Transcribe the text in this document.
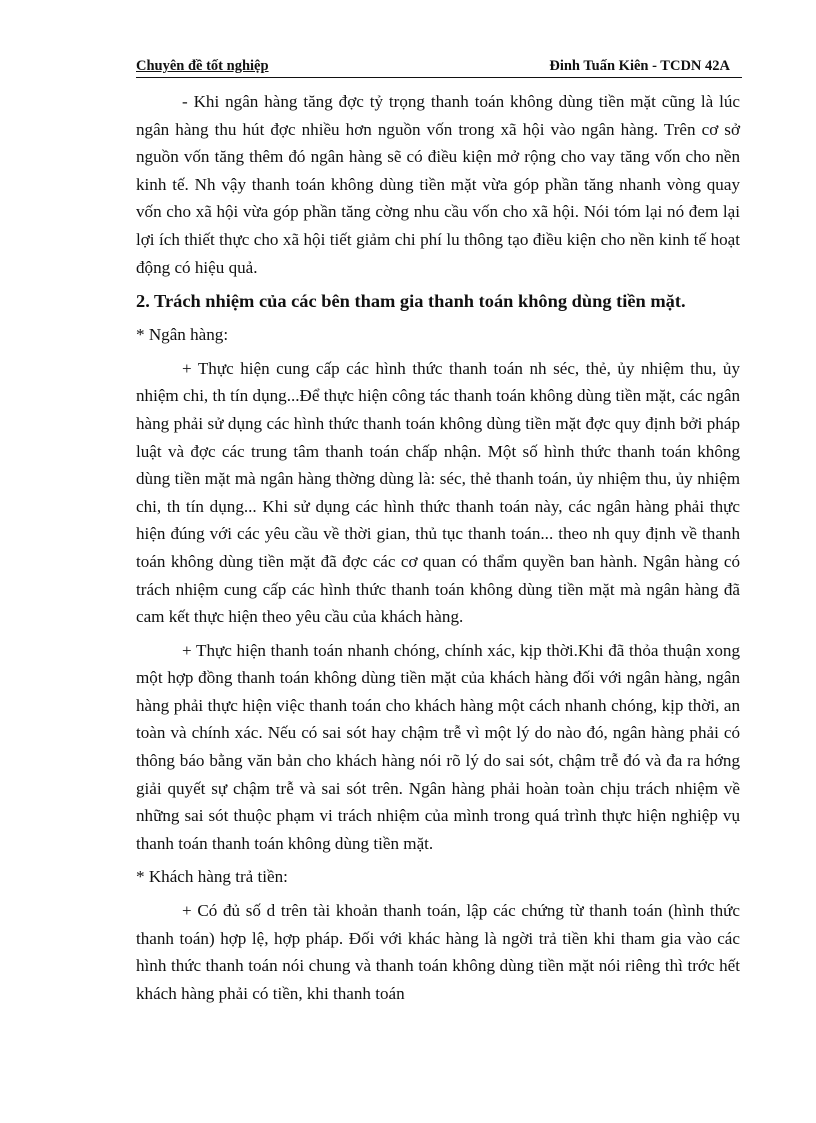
Chuyên đề tốt nghiệp	Đinh Tuấn Kiên - TCDN 42A

- Khi ngân hàng tăng đợc tỷ trọng thanh toán không dùng tiền mặt cũng là lúc ngân hàng thu hút đợc nhiều hơn nguồn vốn trong xã hội vào ngân hàng. Trên cơ sở nguồn vốn tăng thêm đó ngân hàng sẽ có điều kiện mở rộng cho vay tăng vốn cho nền kinh tế. Nh vậy thanh toán không dùng tiền mặt vừa góp phần tăng nhanh vòng quay vốn cho xã hội vừa góp phần tăng cờng nhu cầu vốn cho xã hội. Nói tóm lại nó đem lại lợi ích thiết thực cho xã hội tiết giảm chi phí lu thông tạo điều kiện cho nền kinh tế hoạt động có hiệu quả.

2. Trách nhiệm của các bên tham gia thanh toán không dùng tiền mặt.

* Ngân hàng:

+ Thực hiện cung cấp các hình thức thanh toán nh séc, thẻ, ủy nhiệm thu, ủy nhiệm chi, th tín dụng...Để thực hiện công tác thanh toán không dùng tiền mặt, các ngân hàng phải sử dụng các hình thức thanh toán không dùng tiền mặt đợc quy định bởi pháp luật và đợc các trung tâm thanh toán chấp nhận. Một số hình thức thanh toán không dùng tiền mặt mà ngân hàng thờng dùng là: séc, thẻ thanh toán, ủy nhiệm thu, ủy nhiệm chi, th tín dụng... Khi sử dụng các hình thức thanh toán này, các ngân hàng phải thực hiện đúng với các yêu cầu về thời gian, thủ tục thanh toán... theo nh quy định về thanh toán không dùng tiền mặt đã đợc các cơ quan có thẩm quyền ban hành. Ngân hàng có trách nhiệm cung cấp các hình thức thanh toán không dùng tiền mặt mà ngân hàng đã cam kết thực hiện theo yêu cầu của khách hàng.

+ Thực hiện thanh toán nhanh chóng, chính xác, kịp thời.Khi đã thỏa thuận xong một hợp đồng thanh toán không dùng tiền mặt của khách hàng đối với ngân hàng, ngân hàng phải thực hiện việc thanh toán cho khách hàng một cách nhanh chóng, kịp thời, an toàn và chính xác. Nếu có sai sót hay chậm trễ vì một lý do nào đó, ngân hàng phải có thông báo bằng văn bản cho khách hàng nói rõ lý do sai sót, chậm trễ đó và đa ra hớng giải quyết sự chậm trễ và sai sót trên. Ngân hàng phải hoàn toàn chịu trách nhiệm về những sai sót thuộc phạm vi trách nhiệm của mình trong quá trình thực hiện nghiệp vụ thanh toán thanh toán không dùng tiền mặt.

* Khách hàng trả tiền:

+ Có đủ số d trên tài khoản thanh toán, lập các chứng từ thanh toán (hình thức thanh toán) hợp lệ, hợp pháp. Đối với khác hàng là ngời trả tiền khi tham gia vào các hình thức thanh toán nói chung và thanh toán không dùng tiền mặt nói riêng thì trớc hết khách hàng phải có tiền, khi thanh toán
